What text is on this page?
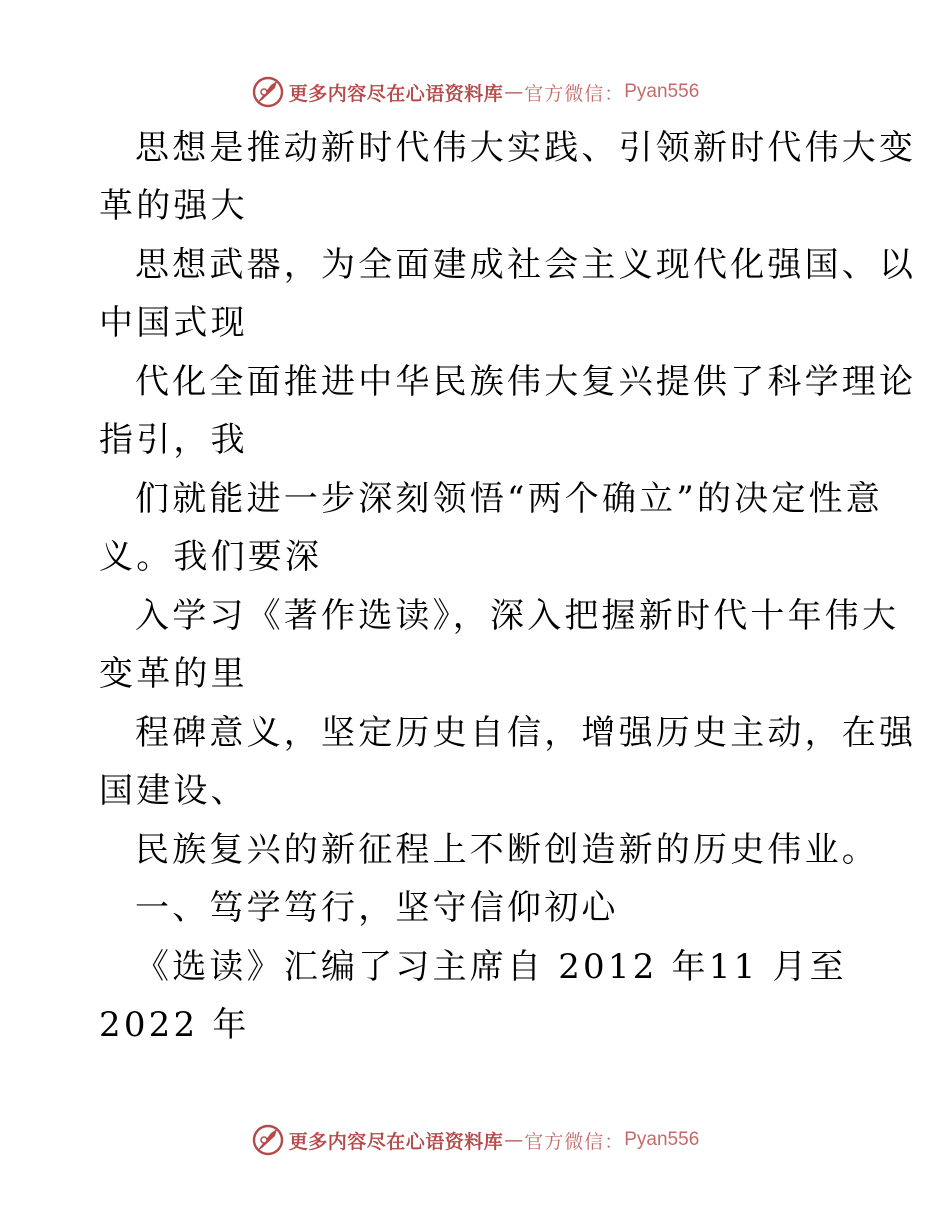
更多内容尽在心语资料库 — 官方微信： Pyan556
思想是推动新时代伟大实践、引领新时代伟大变
革的强大
思想武器，为全面建成社会主义现代化强国、以
中国式现
代化全面推进中华民族伟大复兴提供了科学理论
指引，我
们就能进一步深刻领悟“两个确立”的决定性意
义。我们要深
入学习《著作选读》，深入把握新时代十年伟大
变革的里
程碑意义，坚定历史自信，增强历史主动，在强
国建设、
民族复兴的新征程上不断创造新的历史伟业。
一、笃学笃行，坚守信仰初心
《选读》汇编了习主席自 2012 年11 月至
2022 年
更多内容尽在心语资料库 — 官方微信： Pyan556
